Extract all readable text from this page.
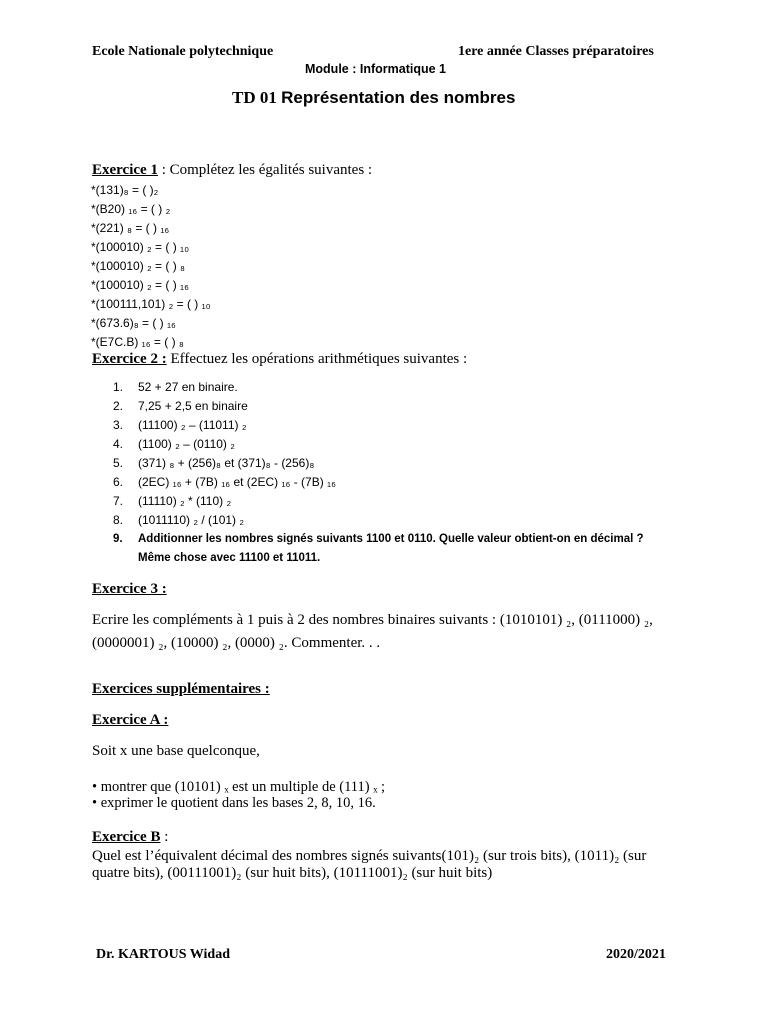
Ecole Nationale polytechnique	1ere année Classes préparatoires
Module : Informatique 1
TD 01 Représentation des nombres
Exercice 1 : Complétez les égalités suivantes :
*(131)₈ = ( )₂
*(B20) ₁₆ = ( ) ₂
*(221) ₈ = ( ) ₁₆
*(100010) ₂ = ( ) ₁₀
*(100010) ₂ = ( ) ₈
*(100010) ₂ = ( ) ₁₆
*(100111,101) ₂ = ( ) ₁₀
*(673.6)₈ = ( ) ₁₆
*(E7C.B) ₁₆ = ( ) ₈
Exercice 2 : Effectuez les opérations arithmétiques suivantes :
1. 52 + 27 en binaire.
2. 7,25 + 2,5 en binaire
3. (11100) ₂ – (11011) ₂
4. (1100) ₂ – (0110) ₂
5. (371) ₈ + (256)₈ et (371)₈ - (256)₈
6. (2EC) ₁₆ + (7B) ₁₆ et (2EC) ₁₆ - (7B) ₁₆
7. (11110) ₂ * (110) ₂
8. (1011110) ₂ / (101) ₂
9. Additionner les nombres signés suivants 1100 et 0110. Quelle valeur obtient-on en décimal ?
Même chose avec 11100 et 11011.
Exercice 3 :
Ecrire les compléments à 1 puis à 2 des nombres binaires suivants : (1010101) ₂, (0111000) ₂,
(0000001) ₂, (10000) ₂, (0000) ₂. Commenter. . .
Exercices supplémentaires :
Exercice A :
Soit x une base quelconque,
• montrer que (10101) ₓ est un multiple de (111) ₓ ;
• exprimer le quotient dans les bases 2, 8, 10, 16.
Exercice B :
Quel est l’équivalent décimal des nombres signés suivants(101)₂ (sur trois bits), (1011)₂ (sur
quatre bits), (00111001)₂ (sur huit bits), (10111001)₂ (sur huit bits)
Dr. KARTOUS Widad	2020/2021
